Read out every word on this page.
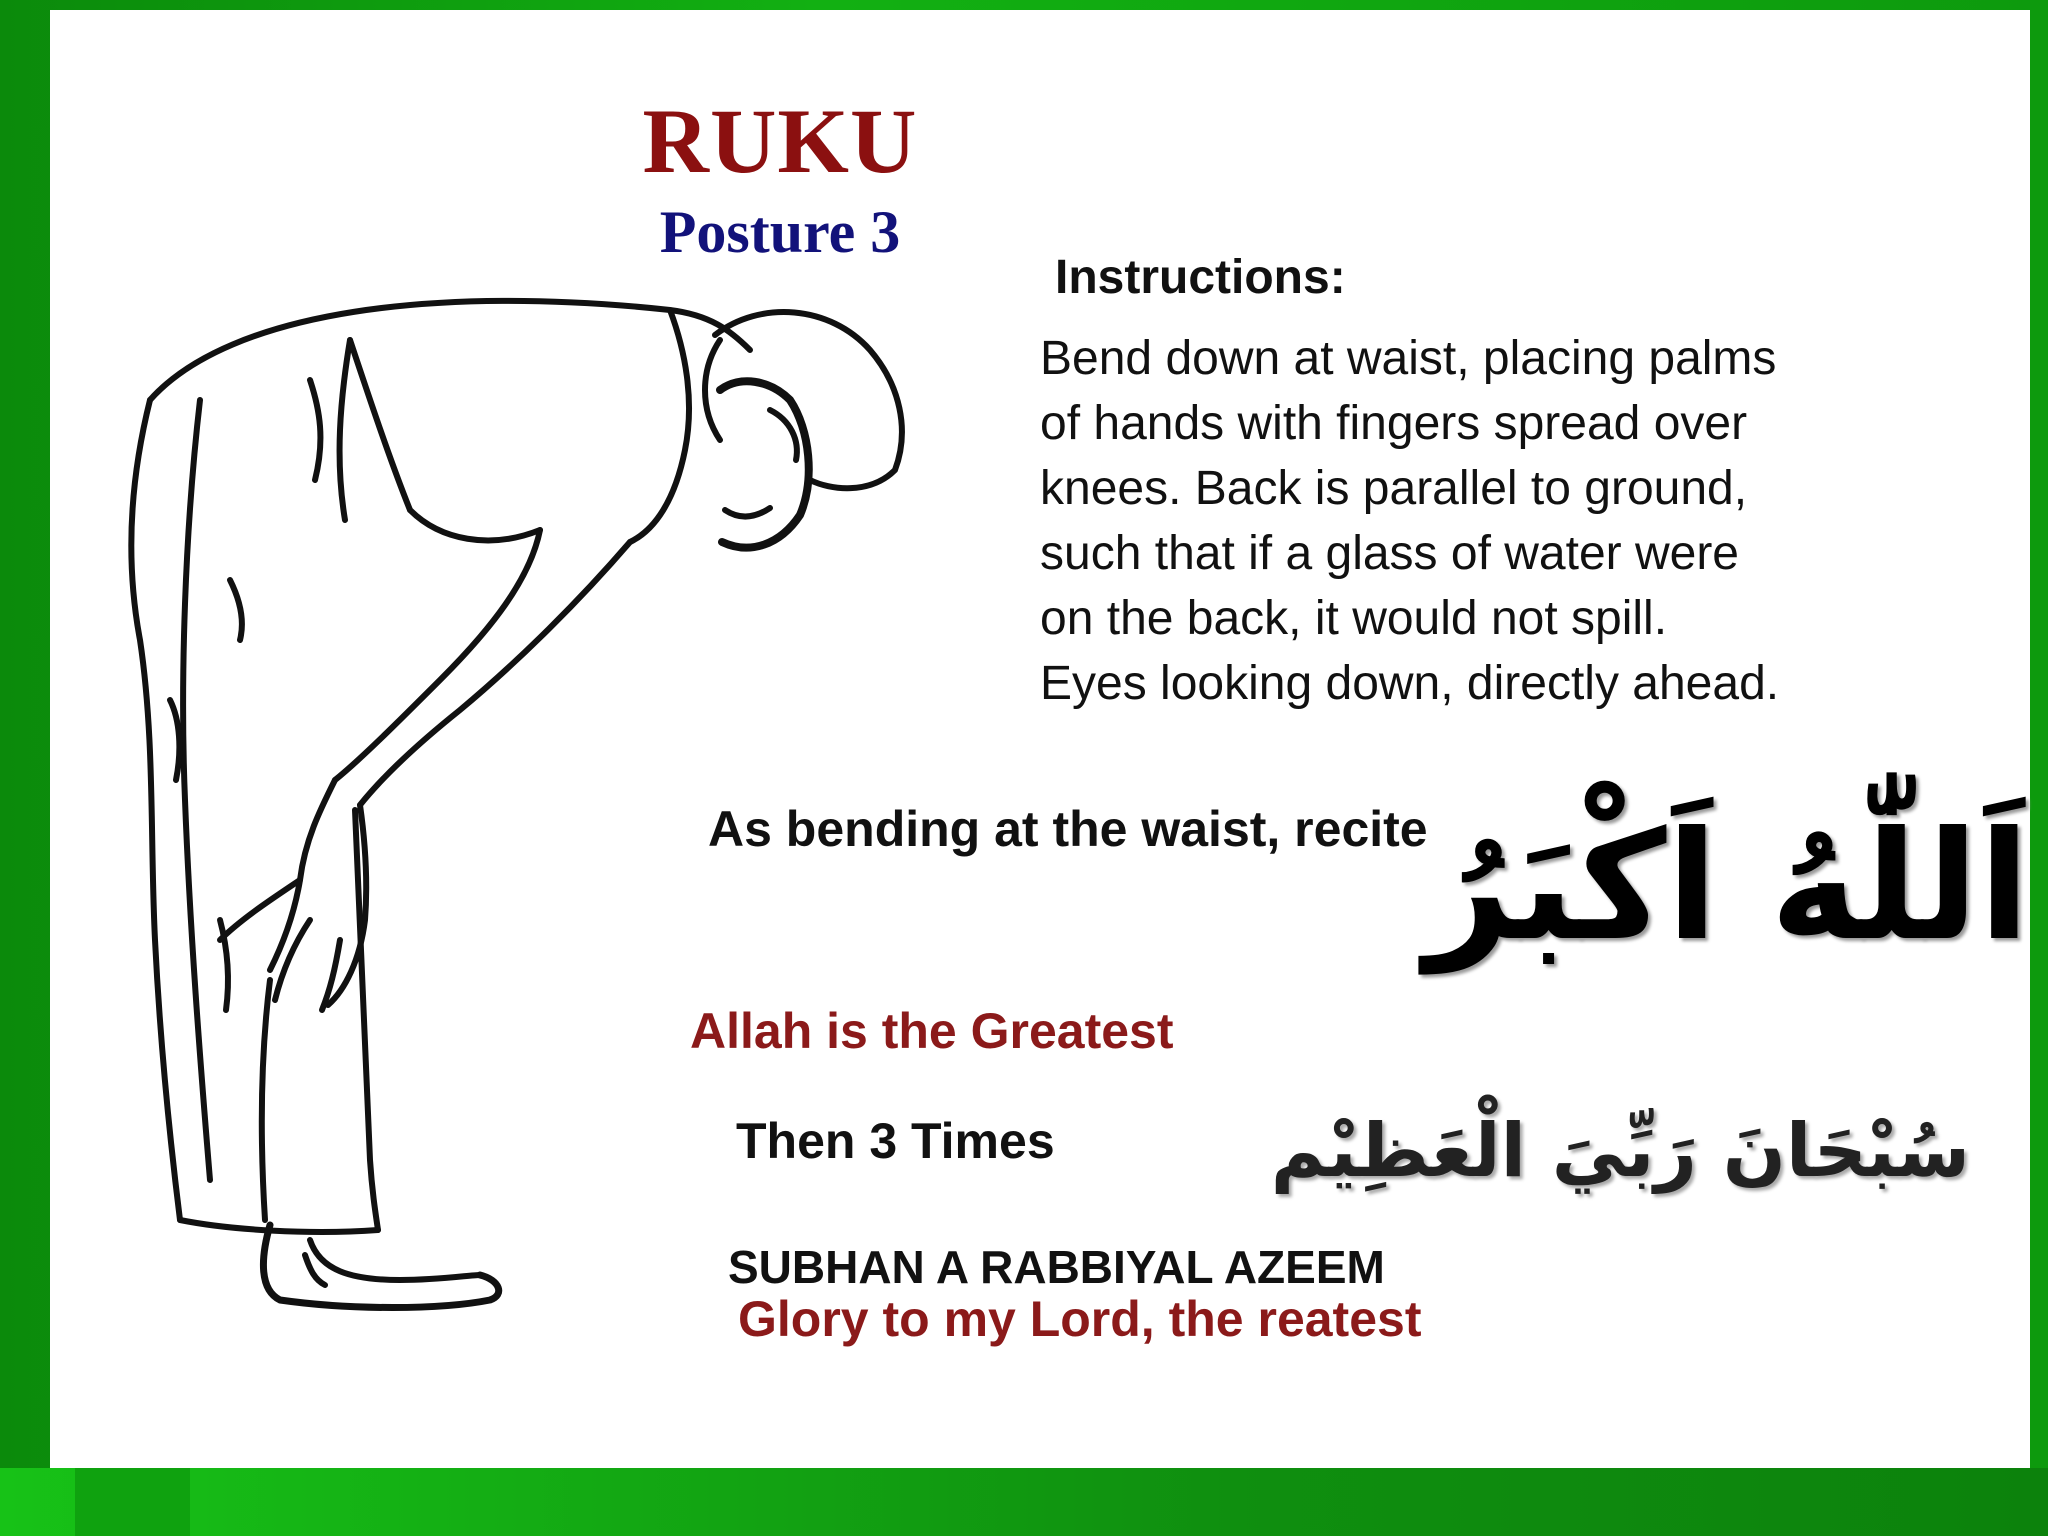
RUKU
Posture 3
Instructions:
Bend down at waist, placing palms
of hands with fingers spread over
knees. Back is parallel to ground,
such that if a glass of water were
on the back, it would not spill.
Eyes looking down, directly ahead.
As bending at the waist, recite
اَللّٰهُ اَكْبَرُ
Allah is the Greatest
Then 3 Times	سُبْحَانَ رَبِّيَ الْعَظِيْم
SUBHAN A RABBIYAL AZEEM
Glory to my Lord, the reatest
